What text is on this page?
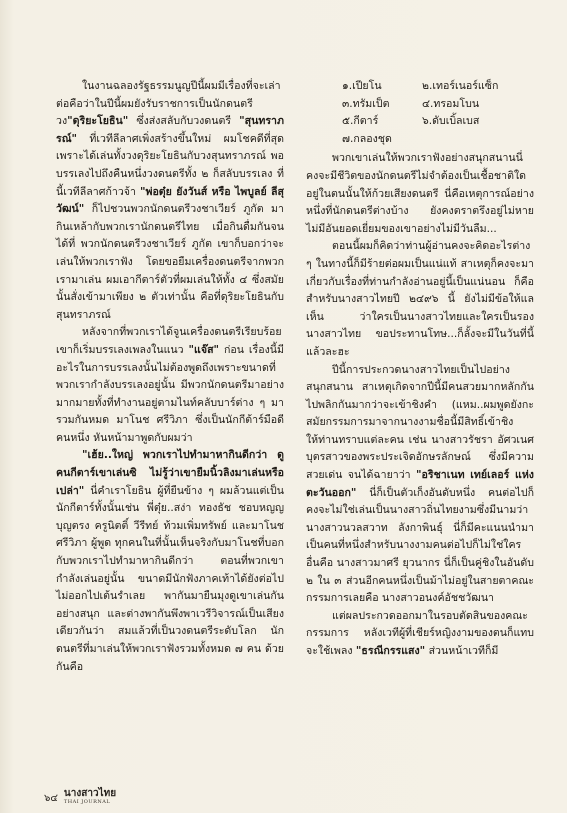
ในงานฉลองรัฐธรรมนูญปีนี้ผมมีเรื่องที่จะเล่าต่อคือว่าในปีนี้ผมยังรับราชการเป็นนักดนตรีวง"ดุริยะโยธิน" ซึ่งส่งสลับกับวงดนตรี "สุนทราภรณ์" ที่เวทีลีลาศเพิ่งสร้างขึ้นใหม่ ผมโชคดีที่สุดเพราะได้เล่นทั้งวงดุริยะโยธินกับวงสุนทราภรณ์ พอบรรเลงไปถึงคืนหนึ่งวงดนตรีทั้ง ๒ ก็สลับบรรเลง ที่นี้เวทีลีลาศก้าวจ้า "พ่อตุ๋ย ยังวันส์ หรือ ไพบูลย์ ลีสุวัฒน์" ก็ไปชวนพวกนักดนตรีวงชาเวียร์ ภูกัต มากินเหล้ากับพวกเรานักดนตรีไทย เมื่อกินดื่มกันจนได้ที่ พวกนักดนตรีวงชาเวียร์ ภูกัต เขาก็บอกว่าจะเล่นให้พวกเราฟัง โดยขอยืมเครื่องดนตรีจากพวกเรามาเล่น ผมเอากีตาร์ตัวที่ผมเล่นให้ทั้ง ๔ ซึ่งสมัยนั้นสั่งเข้ามาเพียง ๒ ตัวเท่านั้น คือที่ดุริยะโยธินกับสุนทราภรณ์

หลังจากที่พวกเราได้จูนเครื่องดนตรีเรียบร้อย เขาก็เริ่มบรรเลงเพลงในแนว "แจ๊ส" ก่อน เรื่องนี้มีอะไรในการบรรเลงนั้นไม่ต้องพูดถึงเพราะขนาดที่พวกเรากำลังบรรเลงอยู่นั้น มีพวกนักดนตรีมาอย่างมากมายทั้งที่ทำงานอยู่ตามไนท์คลับบาร์ต่าง ๆ มารวมกันหมด มาโนช ศรีวิภา ซึ่งเป็นนักกีต้าร์มือดีคนหนึ่ง หันหน้ามาพูดกับผมว่า

"เฮ้ย..ใหญ่ พวกเราไปทำมาหากินดีกว่า ดูคนกีตาร์เขาเล่นซิ ไม่รู้ว่าเขายืมนิ้วลิงมาเล่นหรือเปล่า" นี่คำเราโยธิน ผู้ที่ยืนข้าง ๆ ผมล้วนแต่เป็นนักกีตาร์ทั้งนั้นเช่น พี่ตุ๋ย..สง่า ทองธัช ชอบหญญบุญตรง ครูนิตติ์ วีรีทย์ ท้วมเพิ่มทรัพย์ และมาโนช ศรีวิภา ผู้พูด ทุกคนในที่นั้นเห็นจริงกับมาโนชที่บอกกับพวกเราไปทำมาหากินดีกว่า ตอนที่พวกเขากำลังเล่นอยู่นั้น ขนาดมีนักฟังภาคเท้าได้ยังต่อไปไม่ออกไปเต้นรำเลย พากันมายืนมุงดูเขาเล่นกันอย่างสนุก และต่างพากันพึงพาเวรีวิจารณ์เป็นเสียงเดียวกันว่า สมแล้วที่เป็นวงดนตรีระดับโลก นักดนตรีที่มาเล่นให้พวกเราฟังรวมทั้งหมด ๗ คน ด้วยกันคือ

๑.เปียโน	๒.เทอร์เนอร์แซ็ก
๓.ทรัมเป็ต	๔.ทรอมโบน
๕.กีตาร์	๖.ดับเบิ้ลเบส
๗.กลองชุด

พวกเขาเล่นให้พวกเราฟังอย่างสนุกสนานนี่คงจะมีชีวิตของนักดนตรีไม่จำต้องเป็นเชื้อชาติใดอยู่ในตนนั้นให้ก้วยเสียงดนตรี นี่คือเหตุการณ์อย่างหนึ่งที่นักดนตรีต่างบ้าง ยังคงตราตรึงอยู่ไม่หายไม่มีอันยอดเยี่ยมของเขาอย่างไม่มีวันลืม...

ตอนนี้ผมก็คิดว่าท่านผู้อ่านคงจะคิดอะไรต่าง ๆ ในทางนี้ก็มีร้ายต่อผมเป็นแน่แท้ สาเหตุก็คงจะมาเกี่ยวกับเรื่องที่ท่านกำลังอ่านอยู่นี้เป็นแน่นอน ก็คือ สำหรับนางสาวไทยปี ๒๔๙๖ นี้ ยังไม่มีข้อให้แลเห็น ว่าใครเป็นนางสาวไทยและใครเป็นรองนางสาวไทย ขอประทานโทษ...ก็ลั้งจะมีในวันที่นี้แล้วละฮะ

ปีนี้การประกวดนางสาวไทยเป็นไปอย่างสนุกสนาน สาเหตุเกิดจากปีนี้มีคนสวยมากหลักกันไปพลิกกันมากว่าจะเข้าชิงคำ (แหม..ผมพูดยังกะสมัยกรรมการมาจากนางงามชื่อนี้มีสิทธิ์เข้าชิงให้ท่านทราบแต่ละคน เช่น นางสาวรัชรา อัศวเนศบุตรสาวของพระประเจิดอักษรลักษณ์ ซึ่งมีความสวยเด่น จนได้ฉายาว่า "อริชาเนท เทย์เลอร์ แห่งตะวันออก" นี่ก็เป็นตัวเก็งอันดับหนึ่ง คนต่อไปก็คงจะไม่ใช่เล่นเป็นนางสาวถิ่นไทยงามซึ่งมีนามว่า นางสาวนวลสวาท ลังกาพินธุ์ นี่ก็มีคะแนนนำมาเป็นคนที่หนึ่งสำหรับนางงามคนต่อไปก็ไม่ใช่ใครอื่นคือ นางสาวมาศรี ยุวนากร นี่ก็เป็นคู่ชิงในอันดับ ๒ ใน ๓ ส่วนอีกคนหนึ่งเป็นม้าไม่อยู่ในสายตาคณะกรรมการเลยคือ นางสาวอนงค์อัชชวัฒนา

แต่ผลประกวดออกมาในรอบตัดสินของคณะกรรมการ หลังเวทีผู้ที่เชียร์หญิงงามของตนก็แทบจะใช้เพลง "ธรณีกรรแสง" ส่วนหน้าเวทีก็มี

๖๔ นางสาวไทย
THAI JOURNAL
